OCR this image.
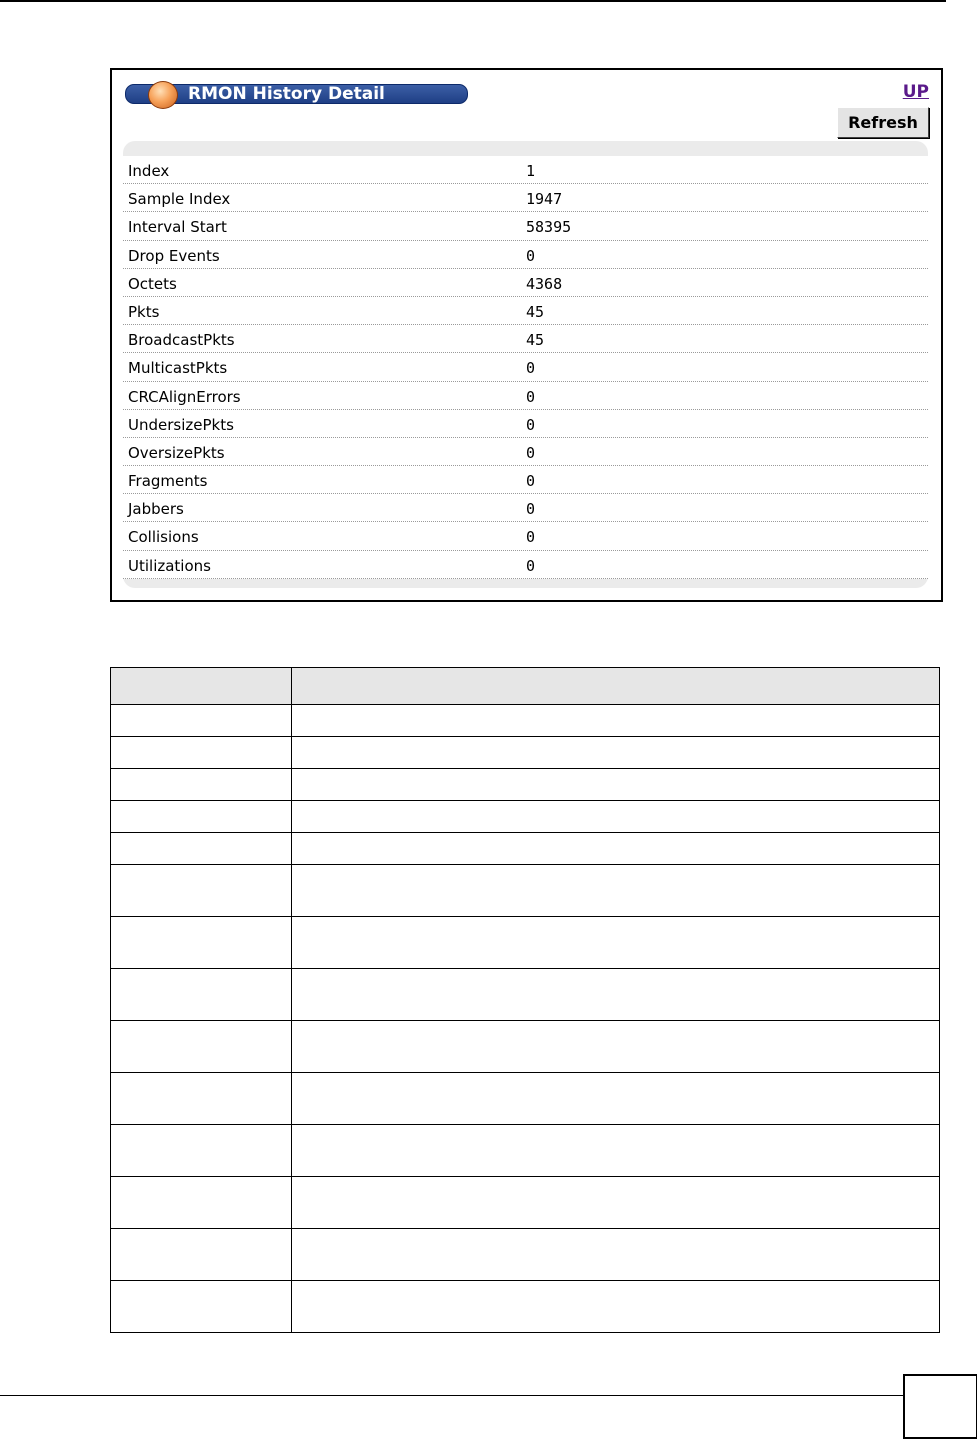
RMON History Detail	UP
Refresh
Index	1
Sample Index	1947
Interval Start	58395
Drop Events	0
Octets	4368
Pkts	45
BroadcastPkts	45
MulticastPkts	0
CRCAlignErrors	0
UndersizePkts	0
OversizePkts	0
Fragments	0
Jabbers	0
Collisions	0
Utilizations	0
